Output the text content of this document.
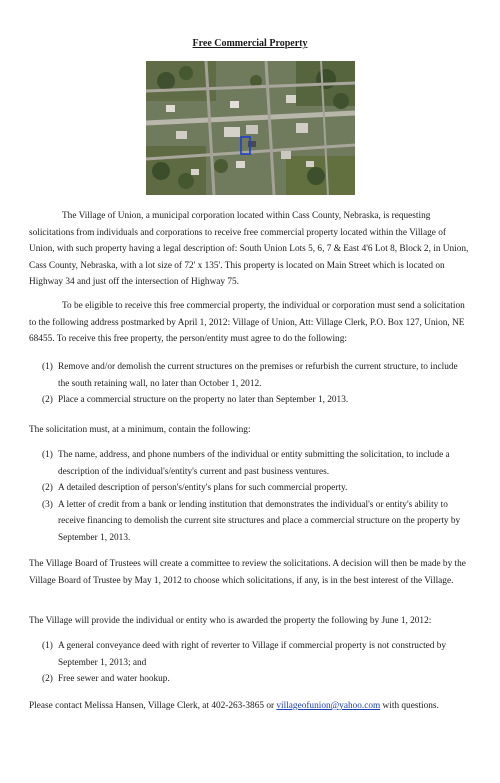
Free Commercial Property

The Village of Union, a municipal corporation located within Cass County, Nebraska, is requesting solicitations from individuals and corporations to receive free commercial property located within the Village of Union, with such property having a legal description of: South Union Lots 5, 6, 7 & East 4'6 Lot 8, Block 2, in Union, Cass County, Nebraska, with a lot size of 72' x 135'. This property is located on Main Street which is located on Highway 34 and just off the intersection of Highway 75.

To be eligible to receive this free commercial property, the individual or corporation must send a solicitation to the following address postmarked by April 1, 2012: Village of Union, Att: Village Clerk, P.O. Box 127, Union, NE 68455. To receive this free property, the person/entity must agree to do the following:

(1) Remove and/or demolish the current structures on the premises or refurbish the current structure, to include the south retaining wall, no later than October 1, 2012.
(2) Place a commercial structure on the property no later than September 1, 2013.

The solicitation must, at a minimum, contain the following:

(1) The name, address, and phone numbers of the individual or entity submitting the solicitation, to include a description of the individual's/entity's current and past business ventures.
(2) A detailed description of person's/entity's plans for such commercial property.
(3) A letter of credit from a bank or lending institution that demonstrates the individual's or entity's ability to receive financing to demolish the current site structures and place a commercial structure on the property by September 1, 2013.

The Village Board of Trustees will create a committee to review the solicitations. A decision will then be made by the Village Board of Trustee by May 1, 2012 to choose which solicitations, if any, is in the best interest of the Village.

The Village will provide the individual or entity who is awarded the property the following by June 1, 2012:

(1) A general conveyance deed with right of reverter to Village if commercial property is not constructed by September 1, 2013; and
(2) Free sewer and water hookup.

Please contact Melissa Hansen, Village Clerk, at 402-263-3865 or villageofunion@yahoo.com with questions.
